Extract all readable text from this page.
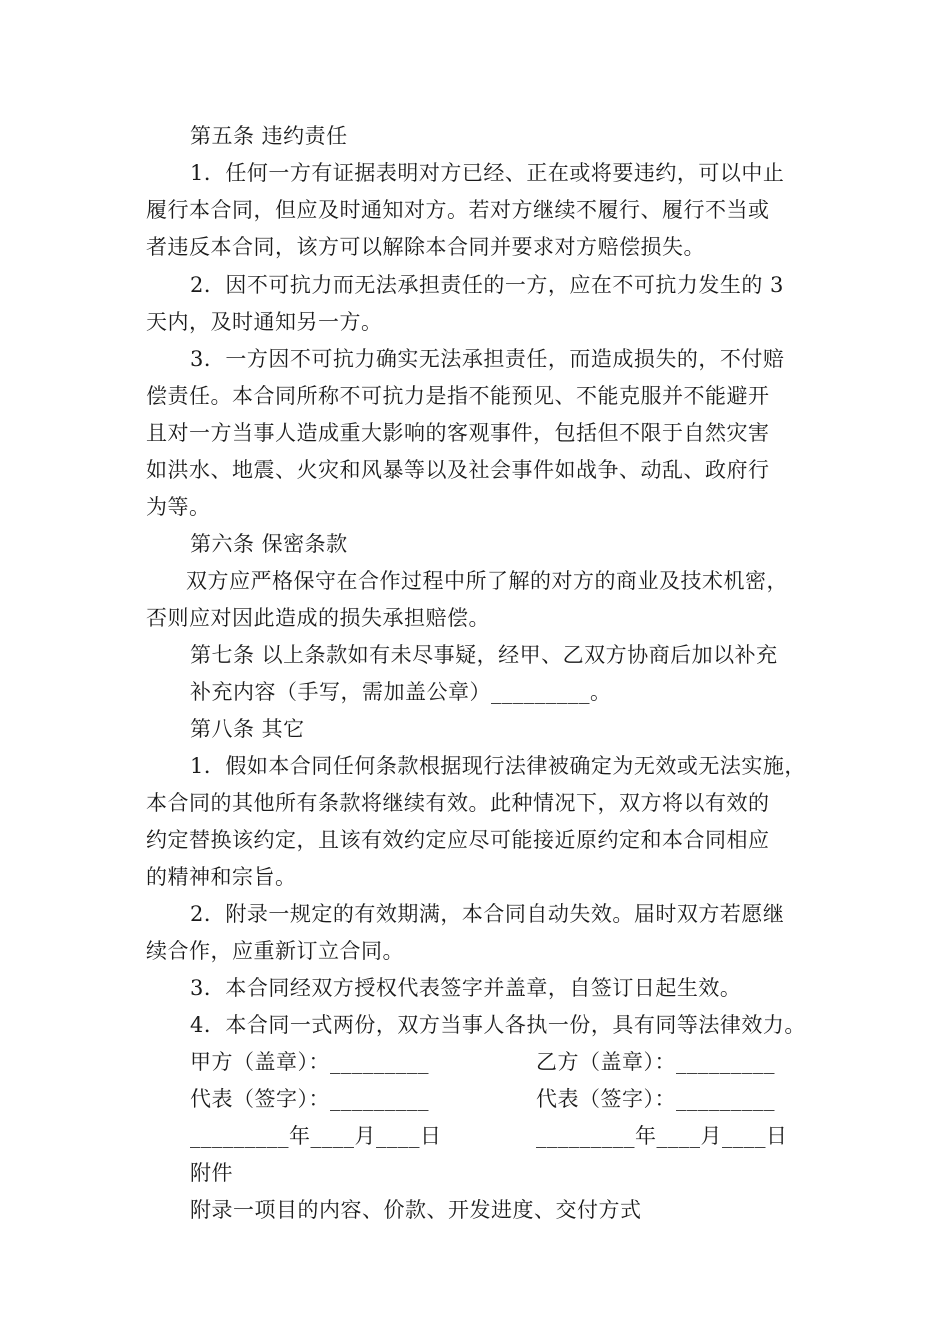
第五条 违约责任
1．任何一方有证据表明对方已经、正在或将要违约，可以中止
履行本合同，但应及时通知对方。若对方继续不履行、履行不当或
者违反本合同，该方可以解除本合同并要求对方赔偿损失。
2．因不可抗力而无法承担责任的一方，应在不可抗力发生的 3
天内，及时通知另一方。
3．一方因不可抗力确实无法承担责任，而造成损失的，不付赔
偿责任。本合同所称不可抗力是指不能预见、不能克服并不能避开
且对一方当事人造成重大影响的客观事件，包括但不限于自然灾害
如洪水、地震、火灾和风暴等以及社会事件如战争、动乱、政府行
为等。
第六条 保密条款
双方应严格保守在合作过程中所了解的对方的商业及技术机密，
否则应对因此造成的损失承担赔偿。
第七条 以上条款如有未尽事疑，经甲、乙双方协商后加以补充
补充内容（手写，需加盖公章）_________。
第八条 其它
1．假如本合同任何条款根据现行法律被确定为无效或无法实施，
本合同的其他所有条款将继续有效。此种情况下，双方将以有效的
约定替换该约定，且该有效约定应尽可能接近原约定和本合同相应
的精神和宗旨。
2．附录一规定的有效期满，本合同自动失效。届时双方若愿继
续合作，应重新订立合同。
3．本合同经双方授权代表签字并盖章，自签订日起生效。
4．本合同一式两份，双方当事人各执一份，具有同等法律效力。
甲方（盖章）：_________	乙方（盖章）：_________
代表（签字）：_________	代表（签字）：_________
_________年____月____日	_________年____月____日
附件
附录一项目的内容、价款、开发进度、交付方式
